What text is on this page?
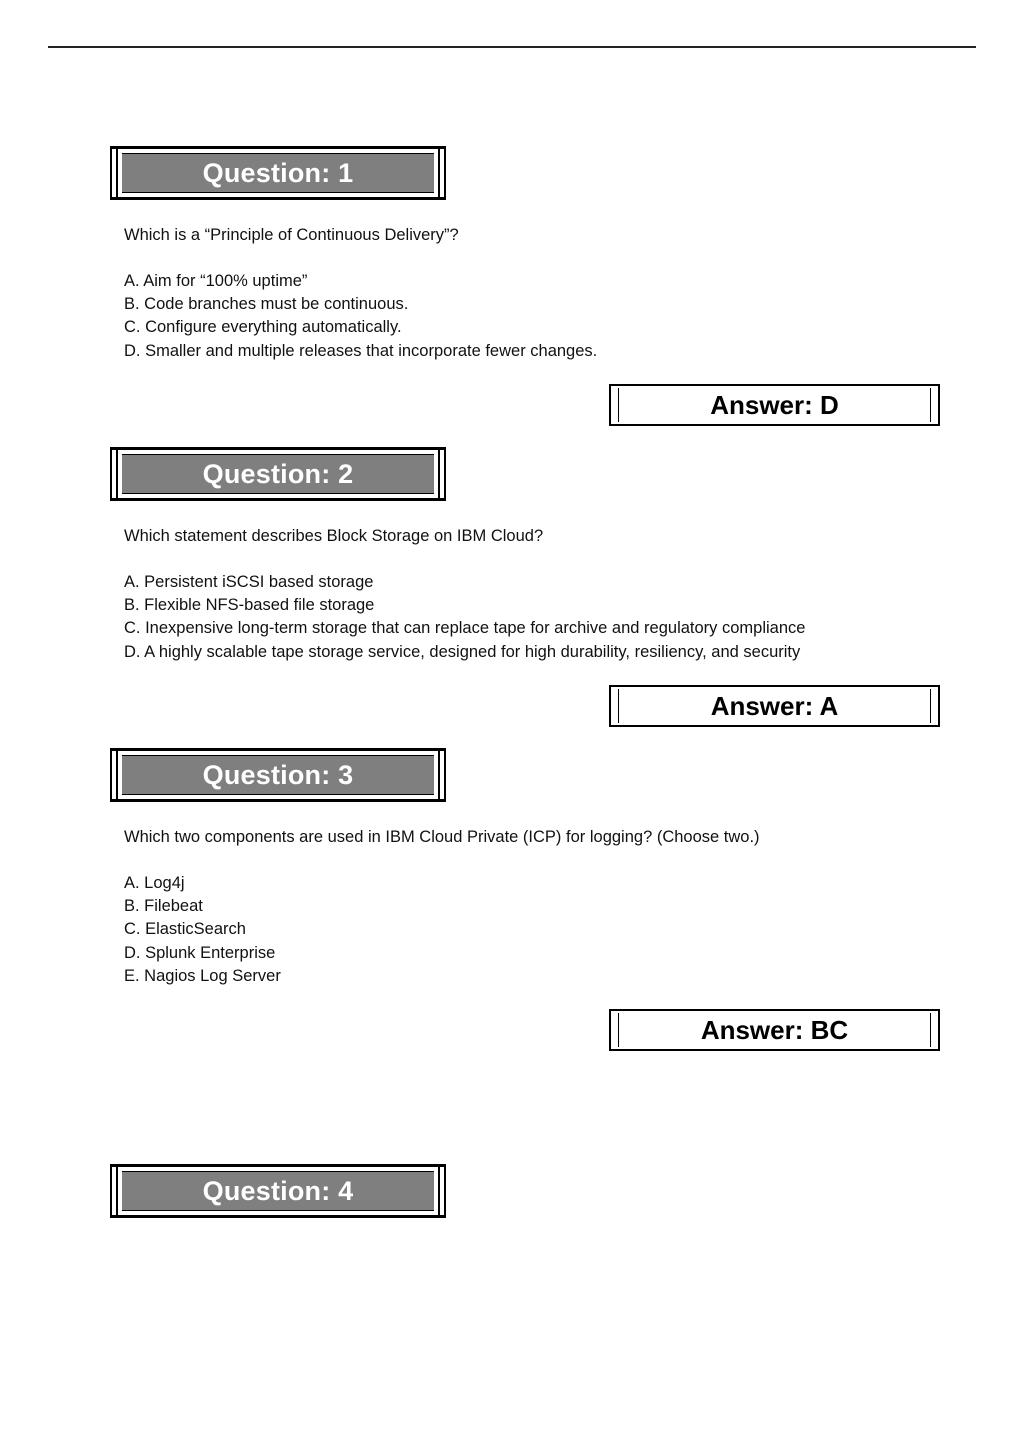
Question: 1
Which is a “Principle of Continuous Delivery”?
A. Aim for “100% uptime”
B. Code branches must be continuous.
C. Configure everything automatically.
D. Smaller and multiple releases that incorporate fewer changes.
Answer: D
Question: 2
Which statement describes Block Storage on IBM Cloud?
A. Persistent iSCSI based storage
B. Flexible NFS-based file storage
C. Inexpensive long-term storage that can replace tape for archive and regulatory compliance
D. A highly scalable tape storage service, designed for high durability, resiliency, and security
Answer: A
Question: 3
Which two components are used in IBM Cloud Private (ICP) for logging? (Choose two.)
A. Log4j
B. Filebeat
C. ElasticSearch
D. Splunk Enterprise
E. Nagios Log Server
Answer: BC
Question: 4
